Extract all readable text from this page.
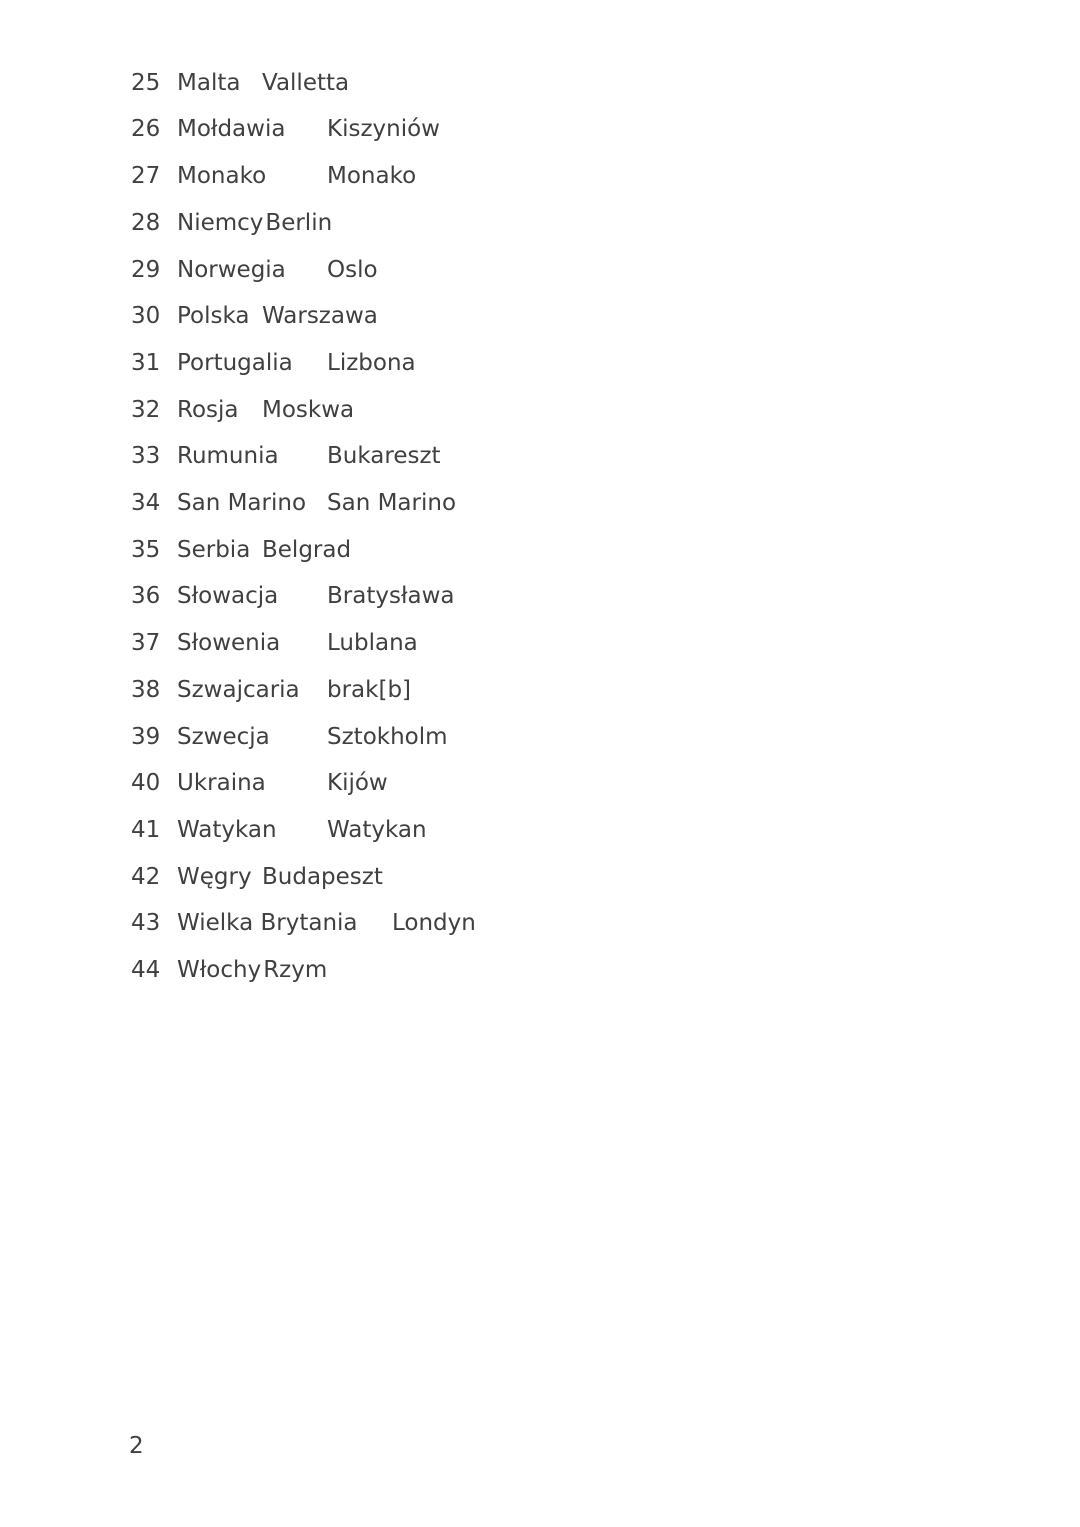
25 Malta Valletta
26 Mołdawia Kiszyniów
27 Monako	Monako
28 NiemcyBerlin
29 Norwegia Oslo
30 Polska Warszawa
31 Portugalia Lizbona
32 Rosja Moskwa
33 Rumunia Bukareszt
34 San Marino San Marino
35 Serbia Belgrad
36 Słowacja Bratysława
37 Słowenia Lublana
38 Szwajcaria brak[b]
39 Szwecja Sztokholm
40 Ukraina	Kijów
41 Watykan Watykan
42 Węgry Budapeszt
43 Wielka Brytania Londyn
44 WłochyRzym
2
